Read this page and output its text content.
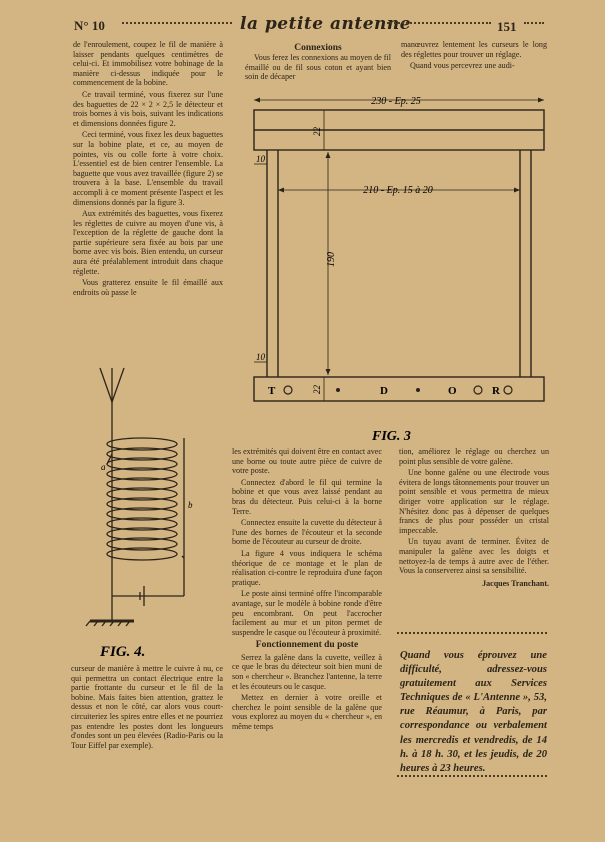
N° 10	la petite antenne	151

de l'enroulement, coupez le fil de manière à laisser pendants quelques centimètres de celui-ci. Et immobilisez votre bobinage de la manière ci-dessus indiquée pour le commencement de la bobine.

Ce travail terminé, vous fixerez sur l'une des baguettes de 22 × 2 × 2,5 le détecteur et trois bornes à vis bois, suivant les indications et dimensions données figure 2.

Ceci terminé, vous fixez les deux baguettes sur la bobine plate, et ce, au moyen de pointes, vis ou colle forte à votre choix. L'essentiel est de bien centrer l'ensemble. La baguette que vous avez travaillée (figure 2) se trouvera à la base. L'ensemble du travail accompli à ce moment présente l'aspect et les dimensions donnés par la figure 3.

Aux extrémités des baguettes, vous fixerez les réglettes de cuivre au moyen d'une vis, à l'exception de la réglette de gauche dont la partie supérieure sera fixée au bois par une borne avec vis bois. Bien entendu, un curseur aura été préalablement introduit dans chaque réglette.

Vous gratterez ensuite le fil émaillé aux endroits où passe le

Connexions

Vous ferez les connexions au moyen de fil émaillé ou de fil sous coton et ayant bien soin de décaper

manœuvrez lentement les curseurs le long des réglettes pour trouver un réglage.

Quand vous percevrez une audi-

230 - Ep. 25
210 - Ep. 15 à 20
190
22
22
10
10
T	D	O	R
FIG. 3
a
b
FIG. 4.

les extrémités qui doivent être en contact avec une borne ou toute autre pièce de cuivre de votre poste.

Connectez d'abord le fil qui termine la bobine et que vous avez laissé pendant au bras du détecteur. Puis celui-ci à la borne Terre.

Connectez ensuite la cuvette du détecteur à l'une des bornes de l'écouteur et la seconde borne de l'écouteur au curseur de droite.

La figure 4 vous indiquera le schéma théorique de ce montage et le plan de réalisation ci-contre le reproduira d'une façon pratique.

Le poste ainsi terminé offre l'incomparable avantage, sur le modèle à bobine ronde d'être peu encombrant. On peut l'accrocher facilement au mur et un piton permet de suspendre le casque ou l'écouteur à proximité.

Fonctionnement du poste

Serrez la galène dans la cuvette, veillez à ce que le bras du détecteur soit bien muni de son « chercheur ». Branchez l'antenne, la terre et les écouteurs ou le casque.

Mettez en dernier à votre oreille et cherchez le point sensible de la galène que vous explorez au moyen du « chercheur », en même temps

tion, améliorez le réglage ou cherchez un point plus sensible de votre galène.

Une bonne galène ou une électrode vous évitera de longs tâtonnements pour trouver un point sensible et vous permettra de mieux diriger votre application sur le réglage. N'hésitez donc pas à dépenser de quelques francs de plus pour posséder un cristal impeccable.

Un tuyau avant de terminer. Évitez de manipuler la galène avec les doigts et nettoyez-la de temps à autre avec de l'éther. Vous la conserverez ainsi sa sensibilité.

Jacques Tranchant.
Quand vous éprouvez une difficulté, adressez-vous gratuitement aux Services Techniques de « L'Antenne », 53, rue Réaumur, à Paris, par correspondance ou verbalement les mercredis et vendredis, de 14 h. à 18 h. 30, et les jeudis, de 20 heures à 23 heures.

curseur de manière à mettre le cuivre à nu, ce qui permettra un contact électrique entre la partie frottante du curseur et le fil de la bobine. Mais faites bien attention, grattez le dessus et non le côté, car alors vous court-circuiteriez les spires entre elles et ne pourriez pas entendre les postes dont les longueurs d'ondes sont un peu élevées (Radio-Paris ou la Tour Eiffel par exemple).
